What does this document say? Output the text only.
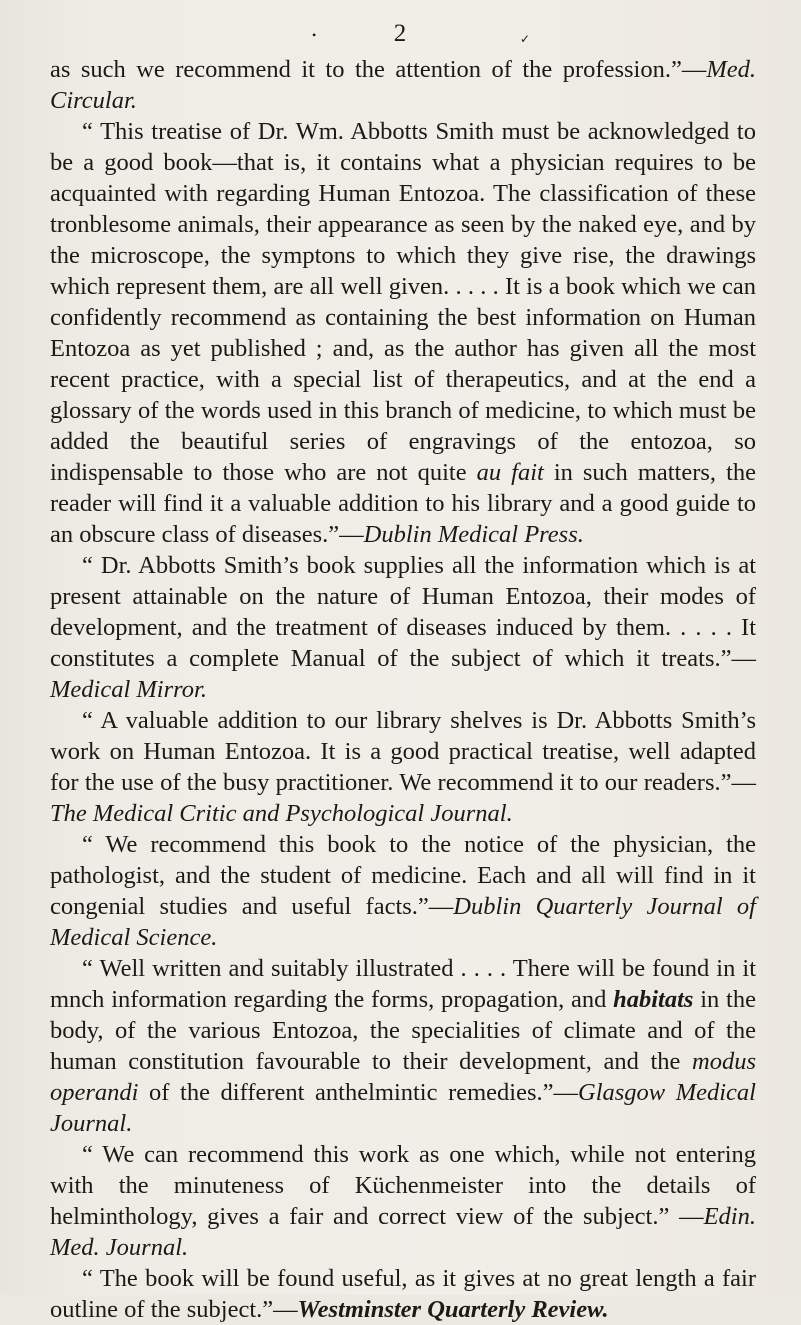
2
•	✓

as such we recommend it to the attention of the profession.”—Med. Circular.

“ This treatise of Dr. Wm. Abbotts Smith must be acknowledged to be a good book—that is, it contains what a physician requires to be acquainted with regarding Human Entozoa. The classification of these tronblesome animals, their appearance as seen by the naked eye, and by the microscope, the symptons to which they give rise, the drawings which represent them, are all well given. . . . . It is a book which we can confidently recommend as containing the best information on Human Entozoa as yet published ; and, as the author has given all the most recent practice, with a special list of therapeutics, and at the end a glossary of the words used in this branch of medicine, to which must be added the beautiful series of engravings of the entozoa, so indispensable to those who are not quite au fait in such matters, the reader will find it a valuable addition to his library and a good guide to an obscure class of diseases.”—Dublin Medical Press.

“ Dr. Abbotts Smith’s book supplies all the information which is at present attainable on the nature of Human Entozoa, their modes of development, and the treatment of diseases induced by them. . . . . It constitutes a complete Manual of the subject of which it treats.”—Medical Mirror.

“ A valuable addition to our library shelves is Dr. Abbotts Smith’s work on Human Entozoa. It is a good practical treatise, well adapted for the use of the busy practitioner. We recommend it to our readers.”—The Medical Critic and Psychological Journal.

“ We recommend this book to the notice of the physician, the pathologist, and the student of medicine. Each and all will find in it congenial studies and useful facts.”—Dublin Quarterly Journal of Medical Science.

“ Well written and suitably illustrated . . . . There will be found in it mnch information regarding the forms, propagation, and habitats in the body, of the various Entozoa, the specialities of climate and of the human constitution favourable to their development, and the modus operandi of the different anthelmintic remedies.”—Glasgow Medical Journal.

“ We can recommend this work as one which, while not entering with the minuteness of Küchenmeister into the details of helminthology, gives a fair and correct view of the subject.” —Edin. Med. Journal.

“ The book will be found useful, as it gives at no great length a fair outline of the subject.”—Westminster Quarterly Review.
